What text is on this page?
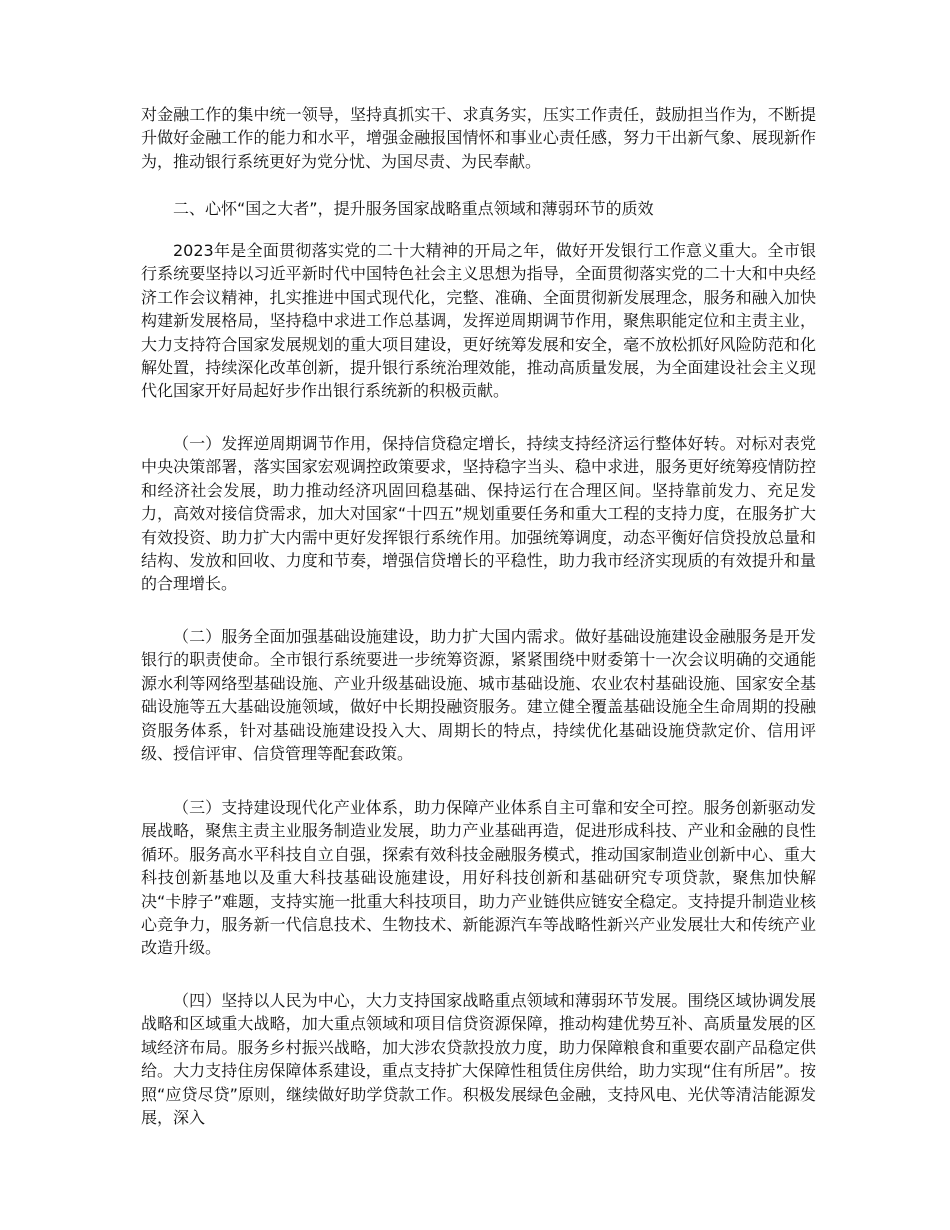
对金融工作的集中统一领导，坚持真抓实干、求真务实，压实工作责任，鼓励担当作为，不断提升做好金融工作的能力和水平，增强金融报国情怀和事业心责任感，努力干出新气象、展现新作为，推动银行系统更好为党分忧、为国尽责、为民奉献。

二、心怀“国之大者”，提升服务国家战略重点领域和薄弱环节的质效

2023年是全面贯彻落实党的二十大精神的开局之年，做好开发银行工作意义重大。全市银行系统要坚持以习近平新时代中国特色社会主义思想为指导，全面贯彻落实党的二十大和中央经济工作会议精神，扎实推进中国式现代化，完整、准确、全面贯彻新发展理念，服务和融入加快构建新发展格局，坚持稳中求进工作总基调，发挥逆周期调节作用，聚焦职能定位和主责主业，大力支持符合国家发展规划的重大项目建设，更好统筹发展和安全，毫不放松抓好风险防范和化解处置，持续深化改革创新，提升银行系统治理效能，推动高质量发展，为全面建设社会主义现代化国家开好局起好步作出银行系统新的积极贡献。

（一）发挥逆周期调节作用，保持信贷稳定增长，持续支持经济运行整体好转。对标对表党中央决策部署，落实国家宏观调控政策要求，坚持稳字当头、稳中求进，服务更好统筹疫情防控和经济社会发展，助力推动经济巩固回稳基础、保持运行在合理区间。坚持靠前发力、充足发力，高效对接信贷需求，加大对国家“十四五”规划重要任务和重大工程的支持力度，在服务扩大有效投资、助力扩大内需中更好发挥银行系统作用。加强统筹调度，动态平衡好信贷投放总量和结构、发放和回收、力度和节奏，增强信贷增长的平稳性，助力我市经济实现质的有效提升和量的合理增长。

（二）服务全面加强基础设施建设，助力扩大国内需求。做好基础设施建设金融服务是开发银行的职责使命。全市银行系统要进一步统筹资源，紧紧围绕中财委第十一次会议明确的交通能源水利等网络型基础设施、产业升级基础设施、城市基础设施、农业农村基础设施、国家安全基础设施等五大基础设施领域，做好中长期投融资服务。建立健全覆盖基础设施全生命周期的投融资服务体系，针对基础设施建设投入大、周期长的特点，持续优化基础设施贷款定价、信用评级、授信评审、信贷管理等配套政策。

（三）支持建设现代化产业体系，助力保障产业体系自主可靠和安全可控。服务创新驱动发展战略，聚焦主责主业服务制造业发展，助力产业基础再造，促进形成科技、产业和金融的良性循环。服务高水平科技自立自强，探索有效科技金融服务模式，推动国家制造业创新中心、重大科技创新基地以及重大科技基础设施建设，用好科技创新和基础研究专项贷款，聚焦加快解决“卡脖子”难题，支持实施一批重大科技项目，助力产业链供应链安全稳定。支持提升制造业核心竞争力，服务新一代信息技术、生物技术、新能源汽车等战略性新兴产业发展壮大和传统产业改造升级。

（四）坚持以人民为中心，大力支持国家战略重点领域和薄弱环节发展。围绕区域协调发展战略和区域重大战略，加大重点领域和项目信贷资源保障，推动构建优势互补、高质量发展的区域经济布局。服务乡村振兴战略，加大涉农贷款投放力度，助力保障粮食和重要农副产品稳定供给。大力支持住房保障体系建设，重点支持扩大保障性租赁住房供给，助力实现“住有所居”。按照“应贷尽贷”原则，继续做好助学贷款工作。积极发展绿色金融，支持风电、光伏等清洁能源发展，深入
